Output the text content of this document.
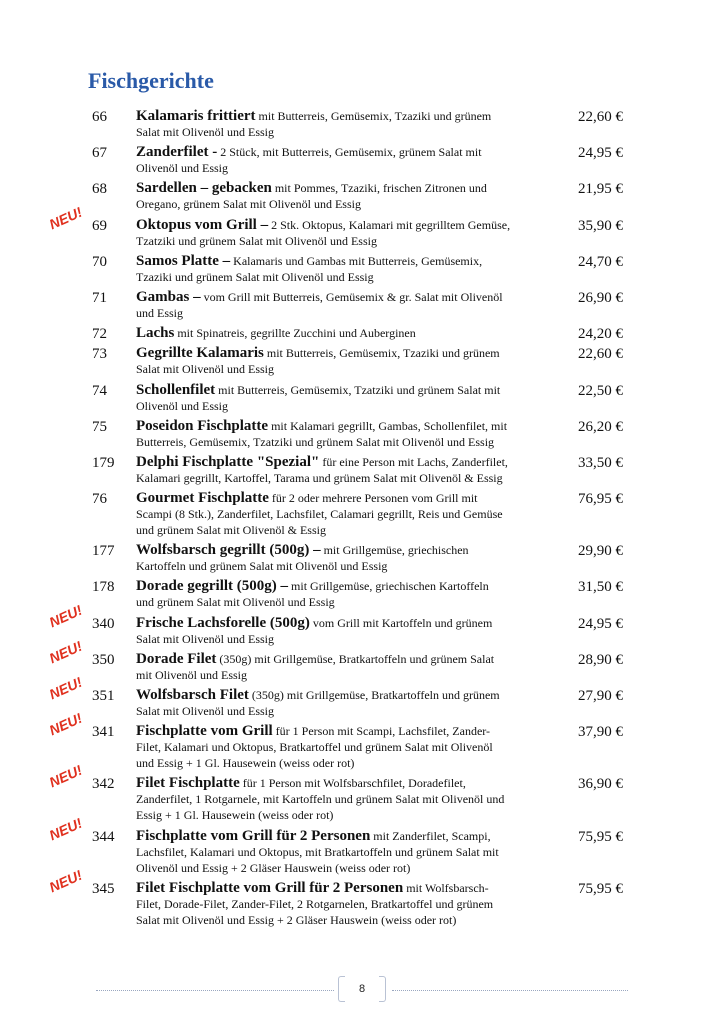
Fischgerichte
66 Kalamaris frittiert mit Butterreis, Gemüsemix, Tzaziki und grünem
Salat mit Olivenöl und Essig
22,60 €
67 Zanderfilet - 2 Stück, mit Butterreis, Gemüsemix, grünem Salat mit
Olivenöl und Essig
24,95 €
68 Sardellen – gebacken mit Pommes, Tzaziki, frischen Zitronen und
Oregano, grünem Salat mit Olivenöl und Essig
21,95 €
NEU! 69 Oktopus vom Grill – 2 Stk. Oktopus, Kalamari mit gegrilltem Gemüse,
Tzatziki und grünem Salat mit Olivenöl und Essig
35,90 €
70 Samos Platte – Kalamaris und Gambas mit Butterreis, Gemüsemix,
Tzaziki und grünem Salat mit Olivenöl und Essig
24,70 €
71 Gambas – vom Grill mit Butterreis, Gemüsemix & gr. Salat mit Olivenöl
und Essig
26,90 €
72 Lachs mit Spinatreis, gegrillte Zucchini und Auberginen	24,20 €
73 Gegrillte Kalamaris mit Butterreis, Gemüsemix, Tzaziki und grünem
Salat mit Olivenöl und Essig
22,60 €
74 Schollenfilet mit Butterreis, Gemüsemix, Tzatziki und grünem Salat mit
Olivenöl und Essig
22,50 €
75 Poseidon Fischplatte mit Kalamari gegrillt, Gambas, Schollenfilet, mit
Butterreis, Gemüsemix, Tzatziki und grünem Salat mit Olivenöl und Essig
26,20 €
179 Delphi Fischplatte "Spezial" für eine Person mit Lachs, Zanderfilet,
Kalamari gegrillt, Kartoffel, Tarama und grünem Salat mit Olivenöl & Essig
33,50 €
76 Gourmet Fischplatte für 2 oder mehrere Personen vom Grill mit
Scampi (8 Stk.), Zanderfilet, Lachsfilet, Calamari gegrillt, Reis und Gemüse
und grünem Salat mit Olivenöl & Essig
76,95 €
177 Wolfsbarsch gegrillt (500g) – mit Grillgemüse, griechischen
Kartoffeln und grünem Salat mit Olivenöl und Essig
29,90 €
178 Dorade gegrillt (500g) – mit Grillgemüse, griechischen Kartoffeln
und grünem Salat mit Olivenöl und Essig
31,50 €
NEU! 340 Frische Lachsforelle (500g) vom Grill mit Kartoffeln und grünem
Salat mit Olivenöl und Essig
24,95 €
NEU! 350 Dorade Filet (350g) mit Grillgemüse, Bratkartoffeln und grünem Salat
mit Olivenöl und Essig
28,90 €
NEU! 351 Wolfsbarsch Filet (350g) mit Grillgemüse, Bratkartoffeln und grünem
Salat mit Olivenöl und Essig
27,90 €
NEU! 341 Fischplatte vom Grill für 1 Person mit Scampi, Lachsfilet, Zander-
Filet, Kalamari und Oktopus, Bratkartoffel und grünem Salat mit Olivenöl
und Essig + 1 Gl. Hausewein (weiss oder rot)
37,90 €
NEU! 342 Filet Fischplatte für 1 Person mit Wolfsbarschfilet, Doradefilet,
Zanderfilet, 1 Rotgarnele, mit Kartoffeln und grünem Salat mit Olivenöl und
Essig + 1 Gl. Hausewein (weiss oder rot)
36,90 €
NEU! 344 Fischplatte vom Grill für 2 Personen mit Zanderfilet, Scampi,
Lachsfilet, Kalamari und Oktopus, mit Bratkartoffeln und grünem Salat mit
Olivenöl und Essig + 2 Gläser Hauswein (weiss oder rot)
75,95 €
NEU! 345 Filet Fischplatte vom Grill für 2 Personen mit Wolfsbarsch-
Filet, Dorade-Filet, Zander-Filet, 2 Rotgarnelen, Bratkartoffel und grünem
Salat mit Olivenöl und Essig + 2 Gläser Hauswein (weiss oder rot)
75,95 €
8
